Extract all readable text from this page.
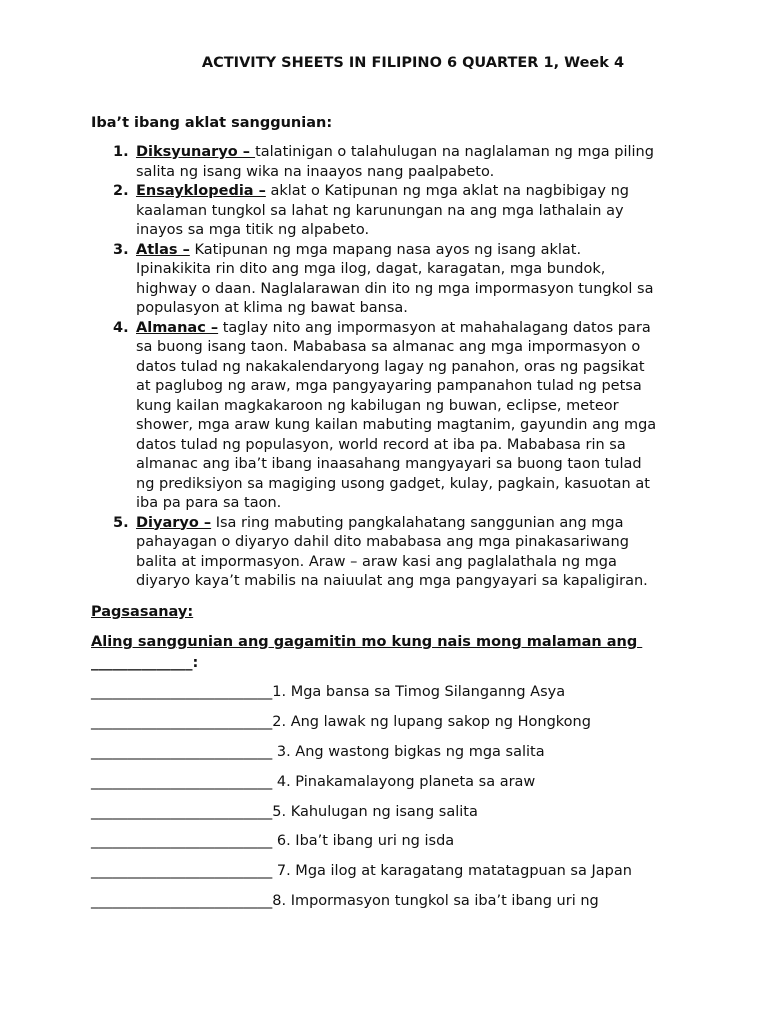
ACTIVITY SHEETS IN FILIPINO 6 QUARTER 1, Week 4
Iba’t ibang aklat sanggunian:
1. Diksyunaryo – talatinigan o talahulugan na naglalaman ng mga piling
salita ng isang wika na inaayos nang paalpabeto.
2. Ensayklopedia – aklat o Katipunan ng mga aklat na nagbibigay ng
kaalaman tungkol sa lahat ng karunungan na ang mga lathalain ay
inayos sa mga titik ng alpabeto.
3. Atlas – Katipunan ng mga mapang nasa ayos ng isang aklat.
Ipinakikita rin dito ang mga ilog, dagat, karagatan, mga bundok,
highway o daan. Naglalarawan din ito ng mga impormasyon tungkol sa
populasyon at klima ng bawat bansa.
4. Almanac – taglay nito ang impormasyon at mahahalagang datos para
sa buong isang taon. Mababasa sa almanac ang mga impormasyon o
datos tulad ng nakakalendaryong lagay ng panahon, oras ng pagsikat
at paglubog ng araw, mga pangyayaring pampanahon tulad ng petsa
kung kailan magkakaroon ng kabilugan ng buwan, eclipse, meteor
shower, mga araw kung kailan mabuting magtanim, gayundin ang mga
datos tulad ng populasyon, world record at iba pa. Mababasa rin sa
almanac ang iba’t ibang inaasahang mangyayari sa buong taon tulad
ng prediksiyon sa magiging usong gadget, kulay, pagkain, kasuotan at
iba pa para sa taon.
5. Diyaryo – Isa ring mabuting pangkalahatang sanggunian ang mga
pahayagan o diyaryo dahil dito mababasa ang mga pinakasariwang
balita at impormasyon. Araw – araw kasi ang paglalathala ng mga
diyaryo kaya’t mabilis na naiuulat ang mga pangyayari sa kapaligiran.
Pagsasanay:
Aling sanggunian ang gagamitin mo kung nais mong malaman ang
______________:
_________________________1. Mga bansa sa Timog Silanganng Asya
_________________________2. Ang lawak ng lupang sakop ng Hongkong
_________________________ 3. Ang wastong bigkas ng mga salita
_________________________ 4. Pinakamalayong planeta sa araw
_________________________5. Kahulugan ng isang salita
_________________________ 6. Iba’t ibang uri ng isda
_________________________ 7. Mga ilog at karagatang matatagpuan sa Japan
_________________________8. Impormasyon tungkol sa iba’t ibang uri ng
